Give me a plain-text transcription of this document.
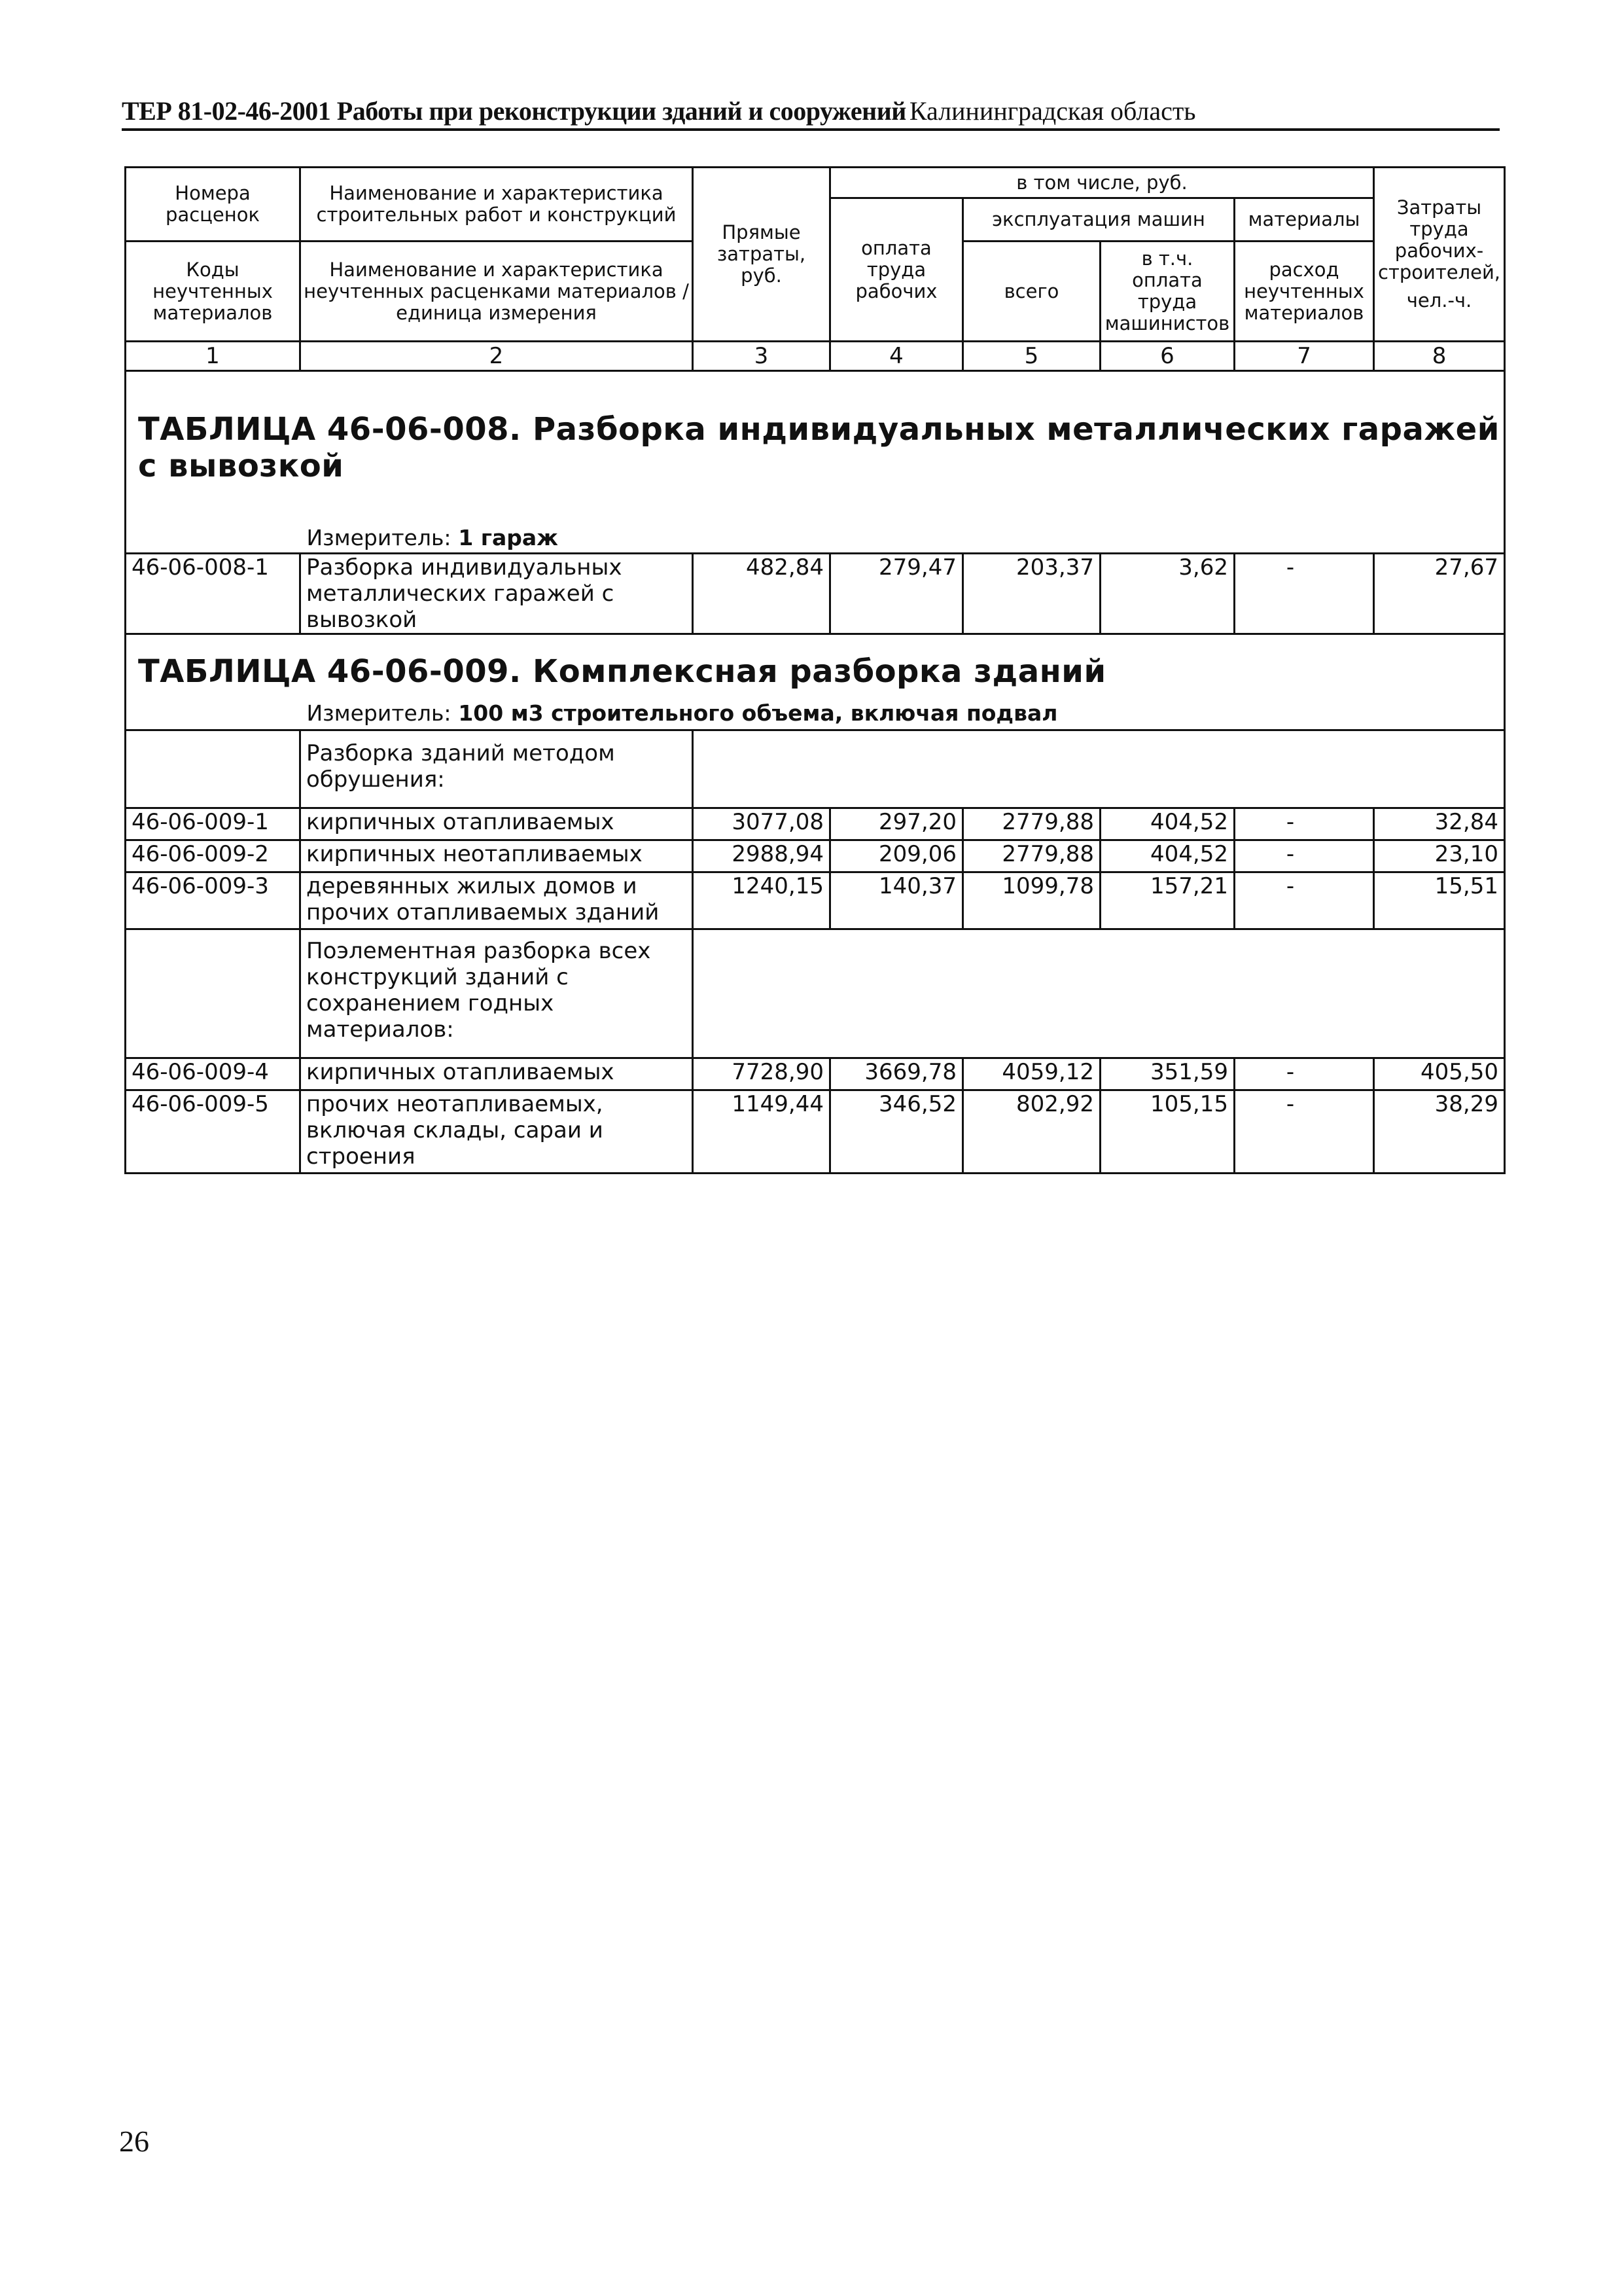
ТЕР 81-02-46-2001 Работы при реконструкции зданий и сооружений Калининградская область
Номера расценок	Наименование и характеристика строительных работ и конструкций	Прямые затраты, руб.	в том числе, руб.				Затраты труда рабочих-строителей,
чел.-ч.

			оплата труда рабочих	эксплуатация машин		материалы	
Коды неучтенных материалов	Наименование и характеристика неучтенных расценками материалов / единица измерения			всего	в т.ч. оплата труда машинистов	расход неучтенных материалов	

1	2	3	4	5	6	7	8

ТАБЛИЦА 46-06-008. Разборка индивидуальных металлических гаражей с вывозкой							

	Измеритель: 1 гараж						
46-06-008-1	Разборка индивидуальных металлических гаражей с вывозкой	482,84	279,47	203,37	3,62	-	27,67

ТАБЛИЦА 46-06-009. Комплексная разборка зданий							

	Измеритель: 100 м3 строительного объема, включая подвал						
	Разборка зданий методом обрушения:						
46-06-009-1	кирпичных отапливаемых	3077,08	297,20	2779,88	404,52	-	32,84
46-06-009-2	кирпичных неотапливаемых	2988,94	209,06	2779,88	404,52	-	23,10
46-06-009-3	деревянных жилых домов и прочих отапливаемых зданий	1240,15	140,37	1099,78	157,21	-	15,51
	Поэлементная разборка всех конструкций зданий с сохранением годных материалов:						
46-06-009-4	кирпичных отапливаемых	7728,90	3669,78	4059,12	351,59	-	405,50
46-06-009-5	прочих неотапливаемых, включая склады, сараи и строения	1149,44	346,52	802,92	105,15	-	38,29
26
